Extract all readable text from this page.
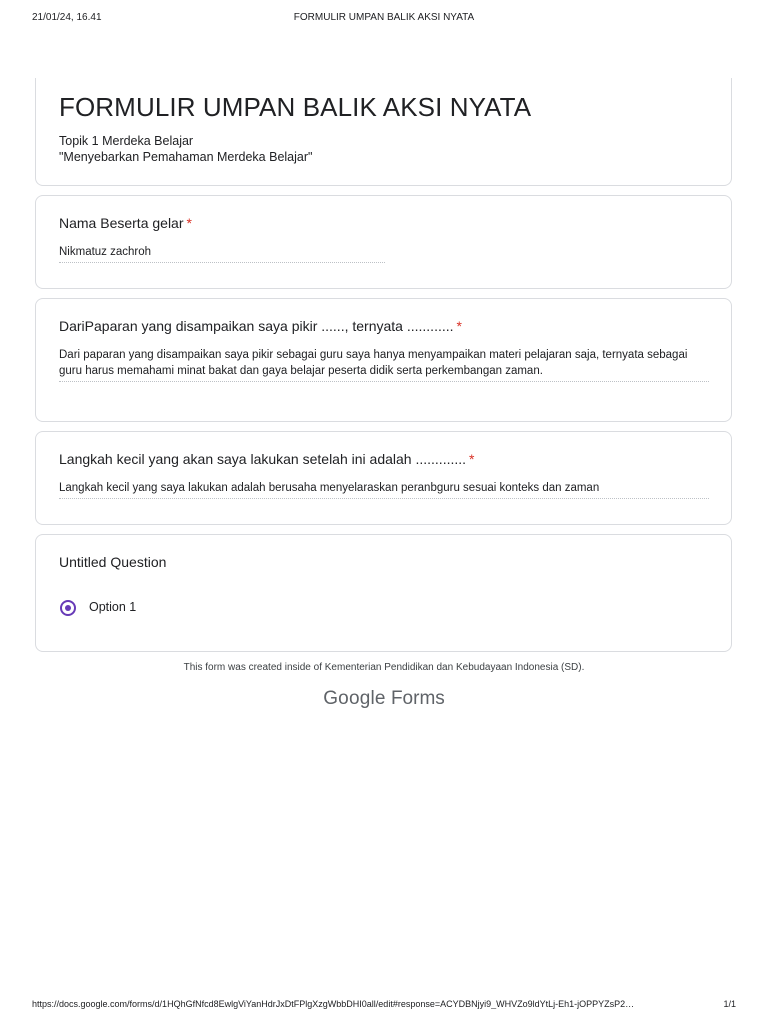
21/01/24, 16.41	FORMULIR UMPAN BALIK AKSI NYATA
FORMULIR UMPAN BALIK AKSI NYATA
Topik 1 Merdeka Belajar
"Menyebarkan Pemahaman Merdeka Belajar"
Nama Beserta gelar *
Nikmatuz zachroh
DariPaparan yang disampaikan saya pikir ......, ternyata ............ *
Dari paparan yang disampaikan saya pikir sebagai guru saya hanya menyampaikan materi pelajaran saja, ternyata sebagai guru harus memahami minat bakat dan gaya belajar peserta didik serta perkembangan zaman.
Langkah kecil yang akan saya lakukan setelah ini adalah ............. *
Langkah kecil yang saya lakukan adalah berusaha menyelaraskan peranbguru sesuai konteks dan zaman
Untitled Question
Option 1
This form was created inside of Kementerian Pendidikan dan Kebudayaan Indonesia (SD).
Google Forms
https://docs.google.com/forms/d/1HQhGfNfcd8EwlgViYanHdrJxDtFPlgXzgWbbDHI0all/edit#response=ACYDBNjyi9_WHVZo9ldYtLj-Eh1-jOPPYZsP2…	1/1
